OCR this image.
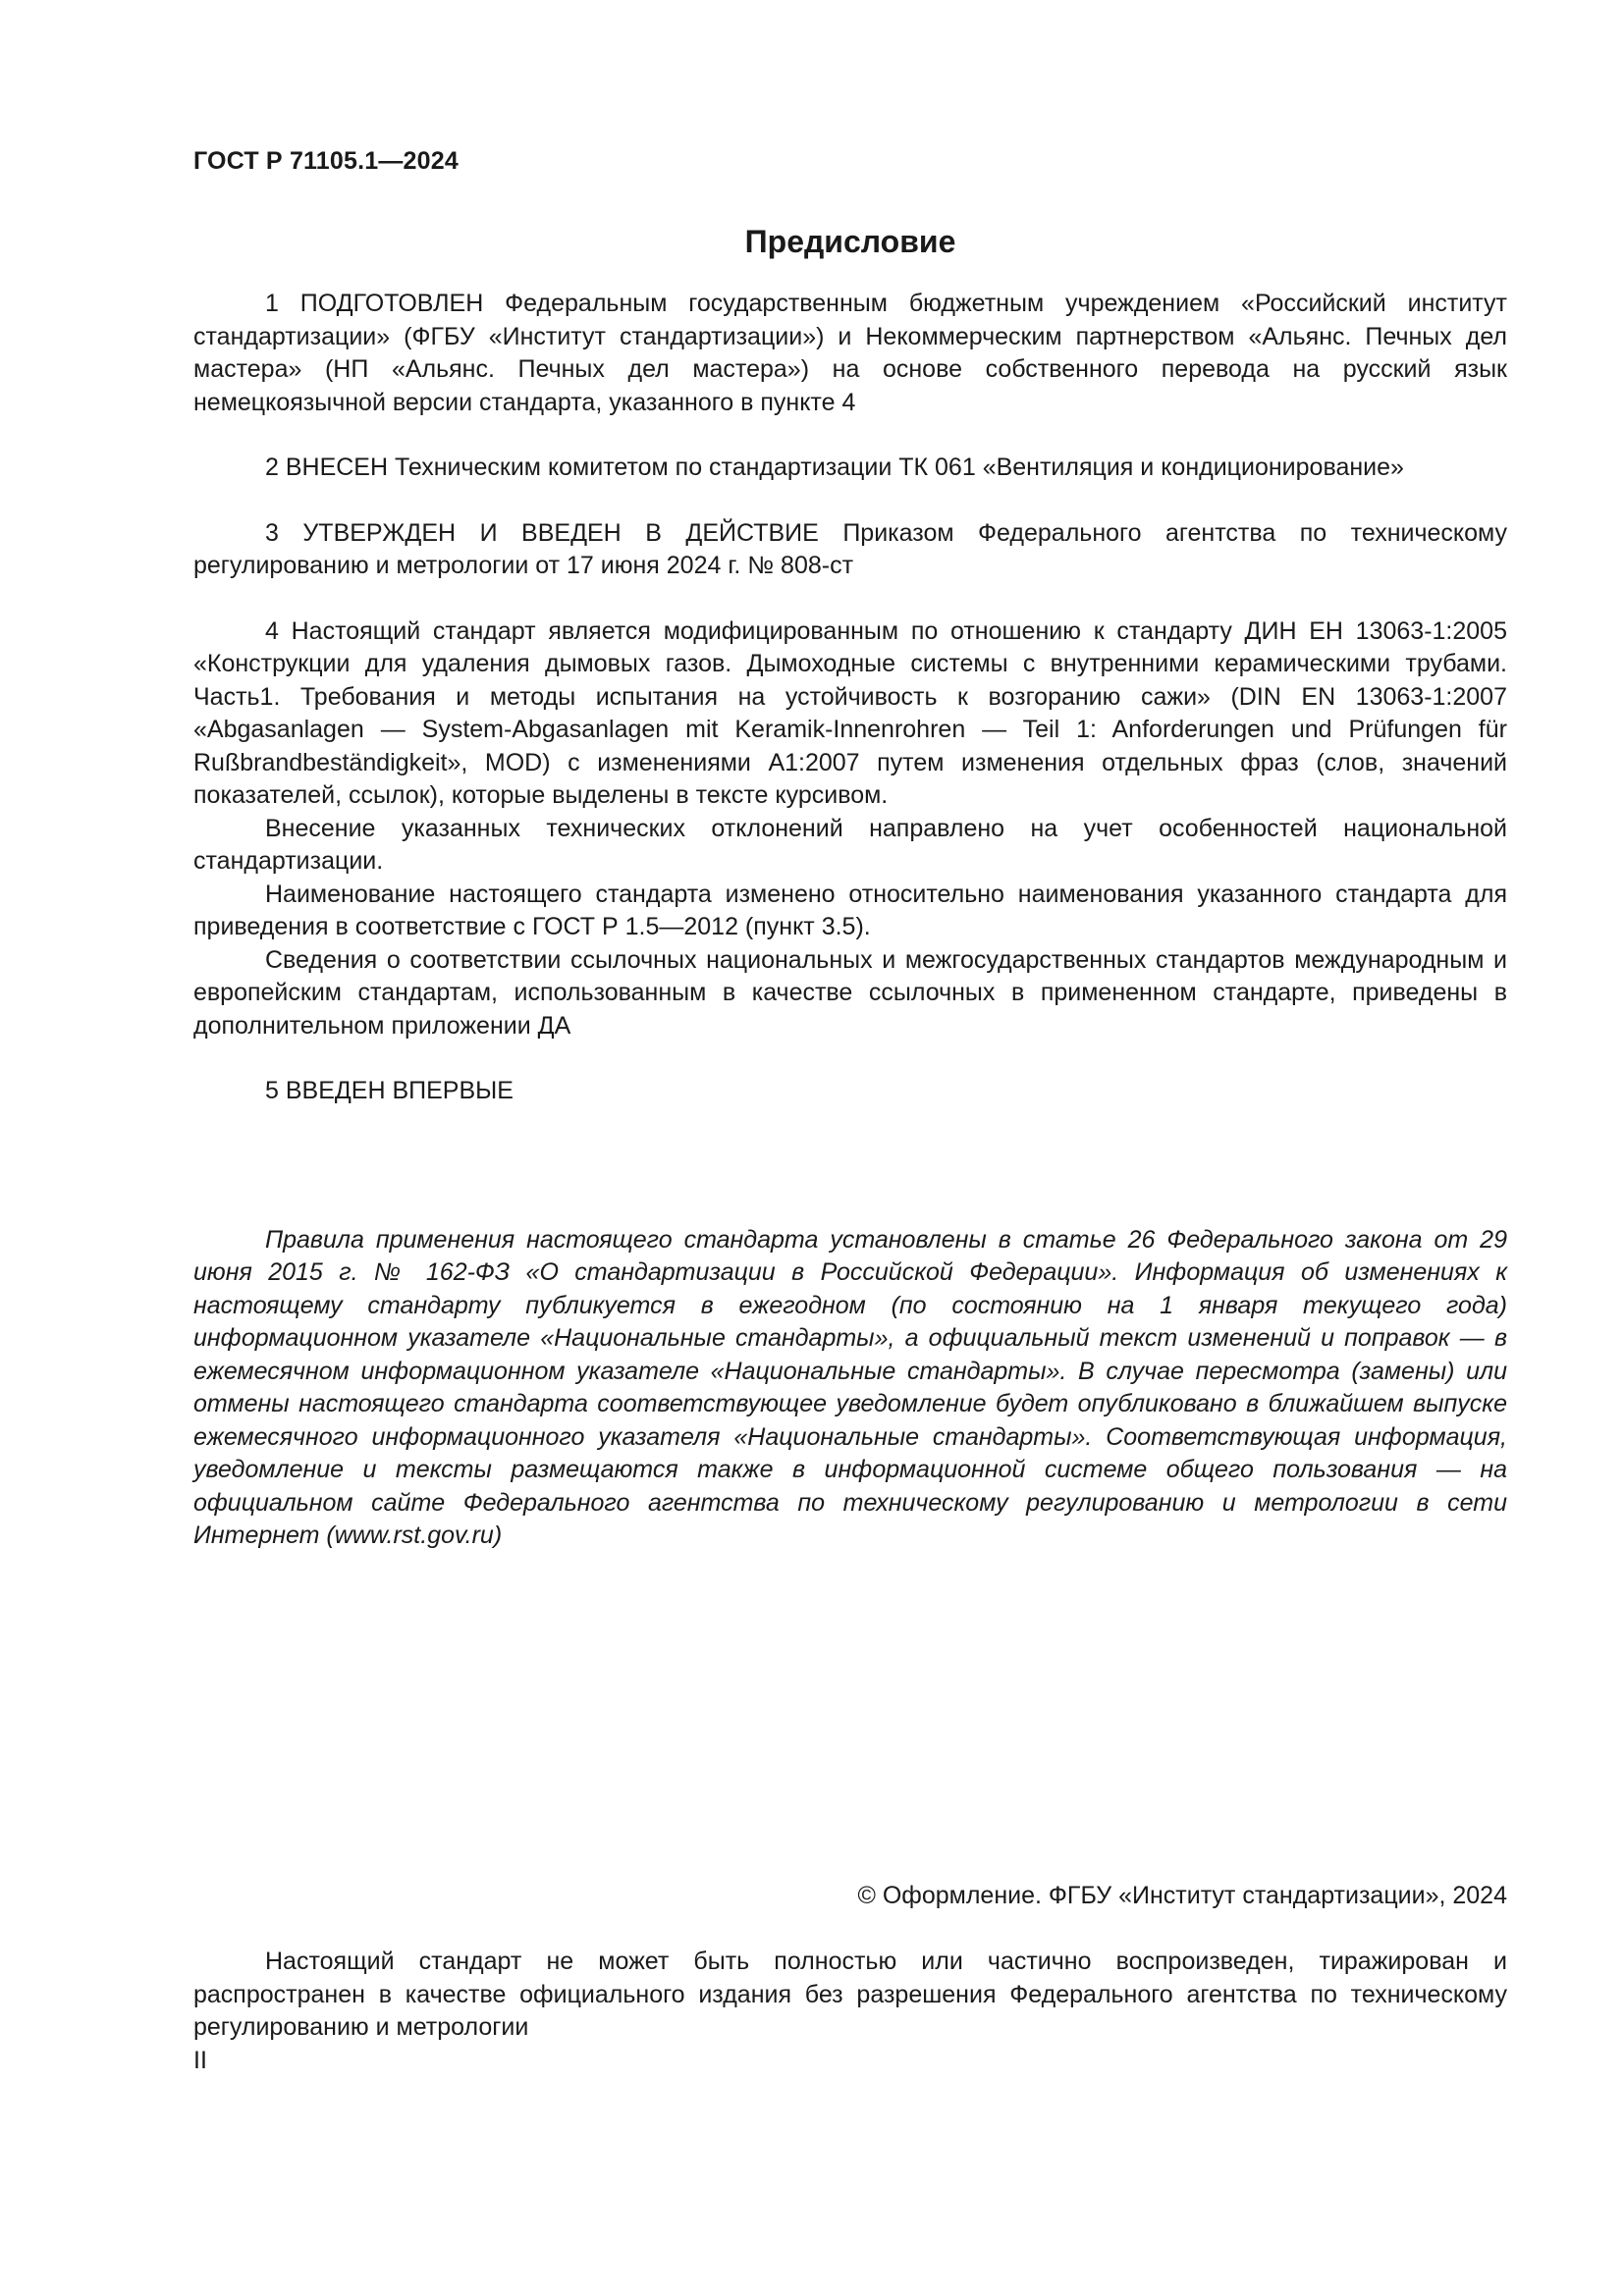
ГОСТ Р 71105.1—2024
Предисловие

1 ПОДГОТОВЛЕН Федеральным государственным бюджетным учреждением «Российский институт стандартизации» (ФГБУ «Институт стандартизации») и Некоммерческим партнерством «Альянс. Печных дел мастера» (НП «Альянс. Печных дел мастера») на основе собственного перевода на русский язык немецкоязычной версии стандарта, указанного в пункте 4

2 ВНЕСЕН Техническим комитетом по стандартизации ТК 061 «Вентиляция и кондиционирование»

3 УТВЕРЖДЕН И ВВЕДЕН В ДЕЙСТВИЕ Приказом Федерального агентства по техническому регулированию и метрологии от 17 июня 2024 г. № 808-ст

4 Настоящий стандарт является модифицированным по отношению к стандарту ДИН ЕН 13063-1:2005 «Конструкции для удаления дымовых газов. Дымоходные системы с внутренними керамическими трубами. Часть1. Требования и методы испытания на устойчивость к возгоранию сажи» (DIN EN 13063-1:2007 «Abgasanlagen — System-Abgasanlagen mit Keramik-Innenrohren — Teil 1: Anforderungen und Prüfungen für Rußbrandbeständigkeit», MOD) с изменениями А1:2007 путем изменения отдельных фраз (слов, значений показателей, ссылок), которые выделены в тексте курсивом.

Внесение указанных технических отклонений направлено на учет особенностей национальной стандартизации.

Наименование настоящего стандарта изменено относительно наименования указанного стандарта для приведения в соответствие с ГОСТ Р 1.5—2012 (пункт 3.5).

Сведения о соответствии ссылочных национальных и межгосударственных стандартов международным и европейским стандартам, использованным в качестве ссылочных в примененном стандарте, приведены в дополнительном приложении ДА

5 ВВЕДЕН ВПЕРВЫЕ

Правила применения настоящего стандарта установлены в статье 26 Федерального закона от 29 июня 2015 г. № 162-ФЗ «О стандартизации в Российской Федерации». Информация об изменениях к настоящему стандарту публикуется в ежегодном (по состоянию на 1 января текущего года) информационном указателе «Национальные стандарты», а официальный текст изменений и поправок — в ежемесячном информационном указателе «Национальные стандарты». В случае пересмотра (замены) или отмены настоящего стандарта соответствующее уведомление будет опубликовано в ближайшем выпуске ежемесячного информационного указателя «Национальные стандарты». Соответствующая информация, уведомление и тексты размещаются также в информационной системе общего пользования — на официальном сайте Федерального агентства по техническому регулированию и метрологии в сети Интернет (www.rst.gov.ru)

© Оформление. ФГБУ «Институт стандартизации», 2024

Настоящий стандарт не может быть полностью или частично воспроизведен, тиражирован и распространен в качестве официального издания без разрешения Федерального агентства по техническому регулированию и метрологии

II
